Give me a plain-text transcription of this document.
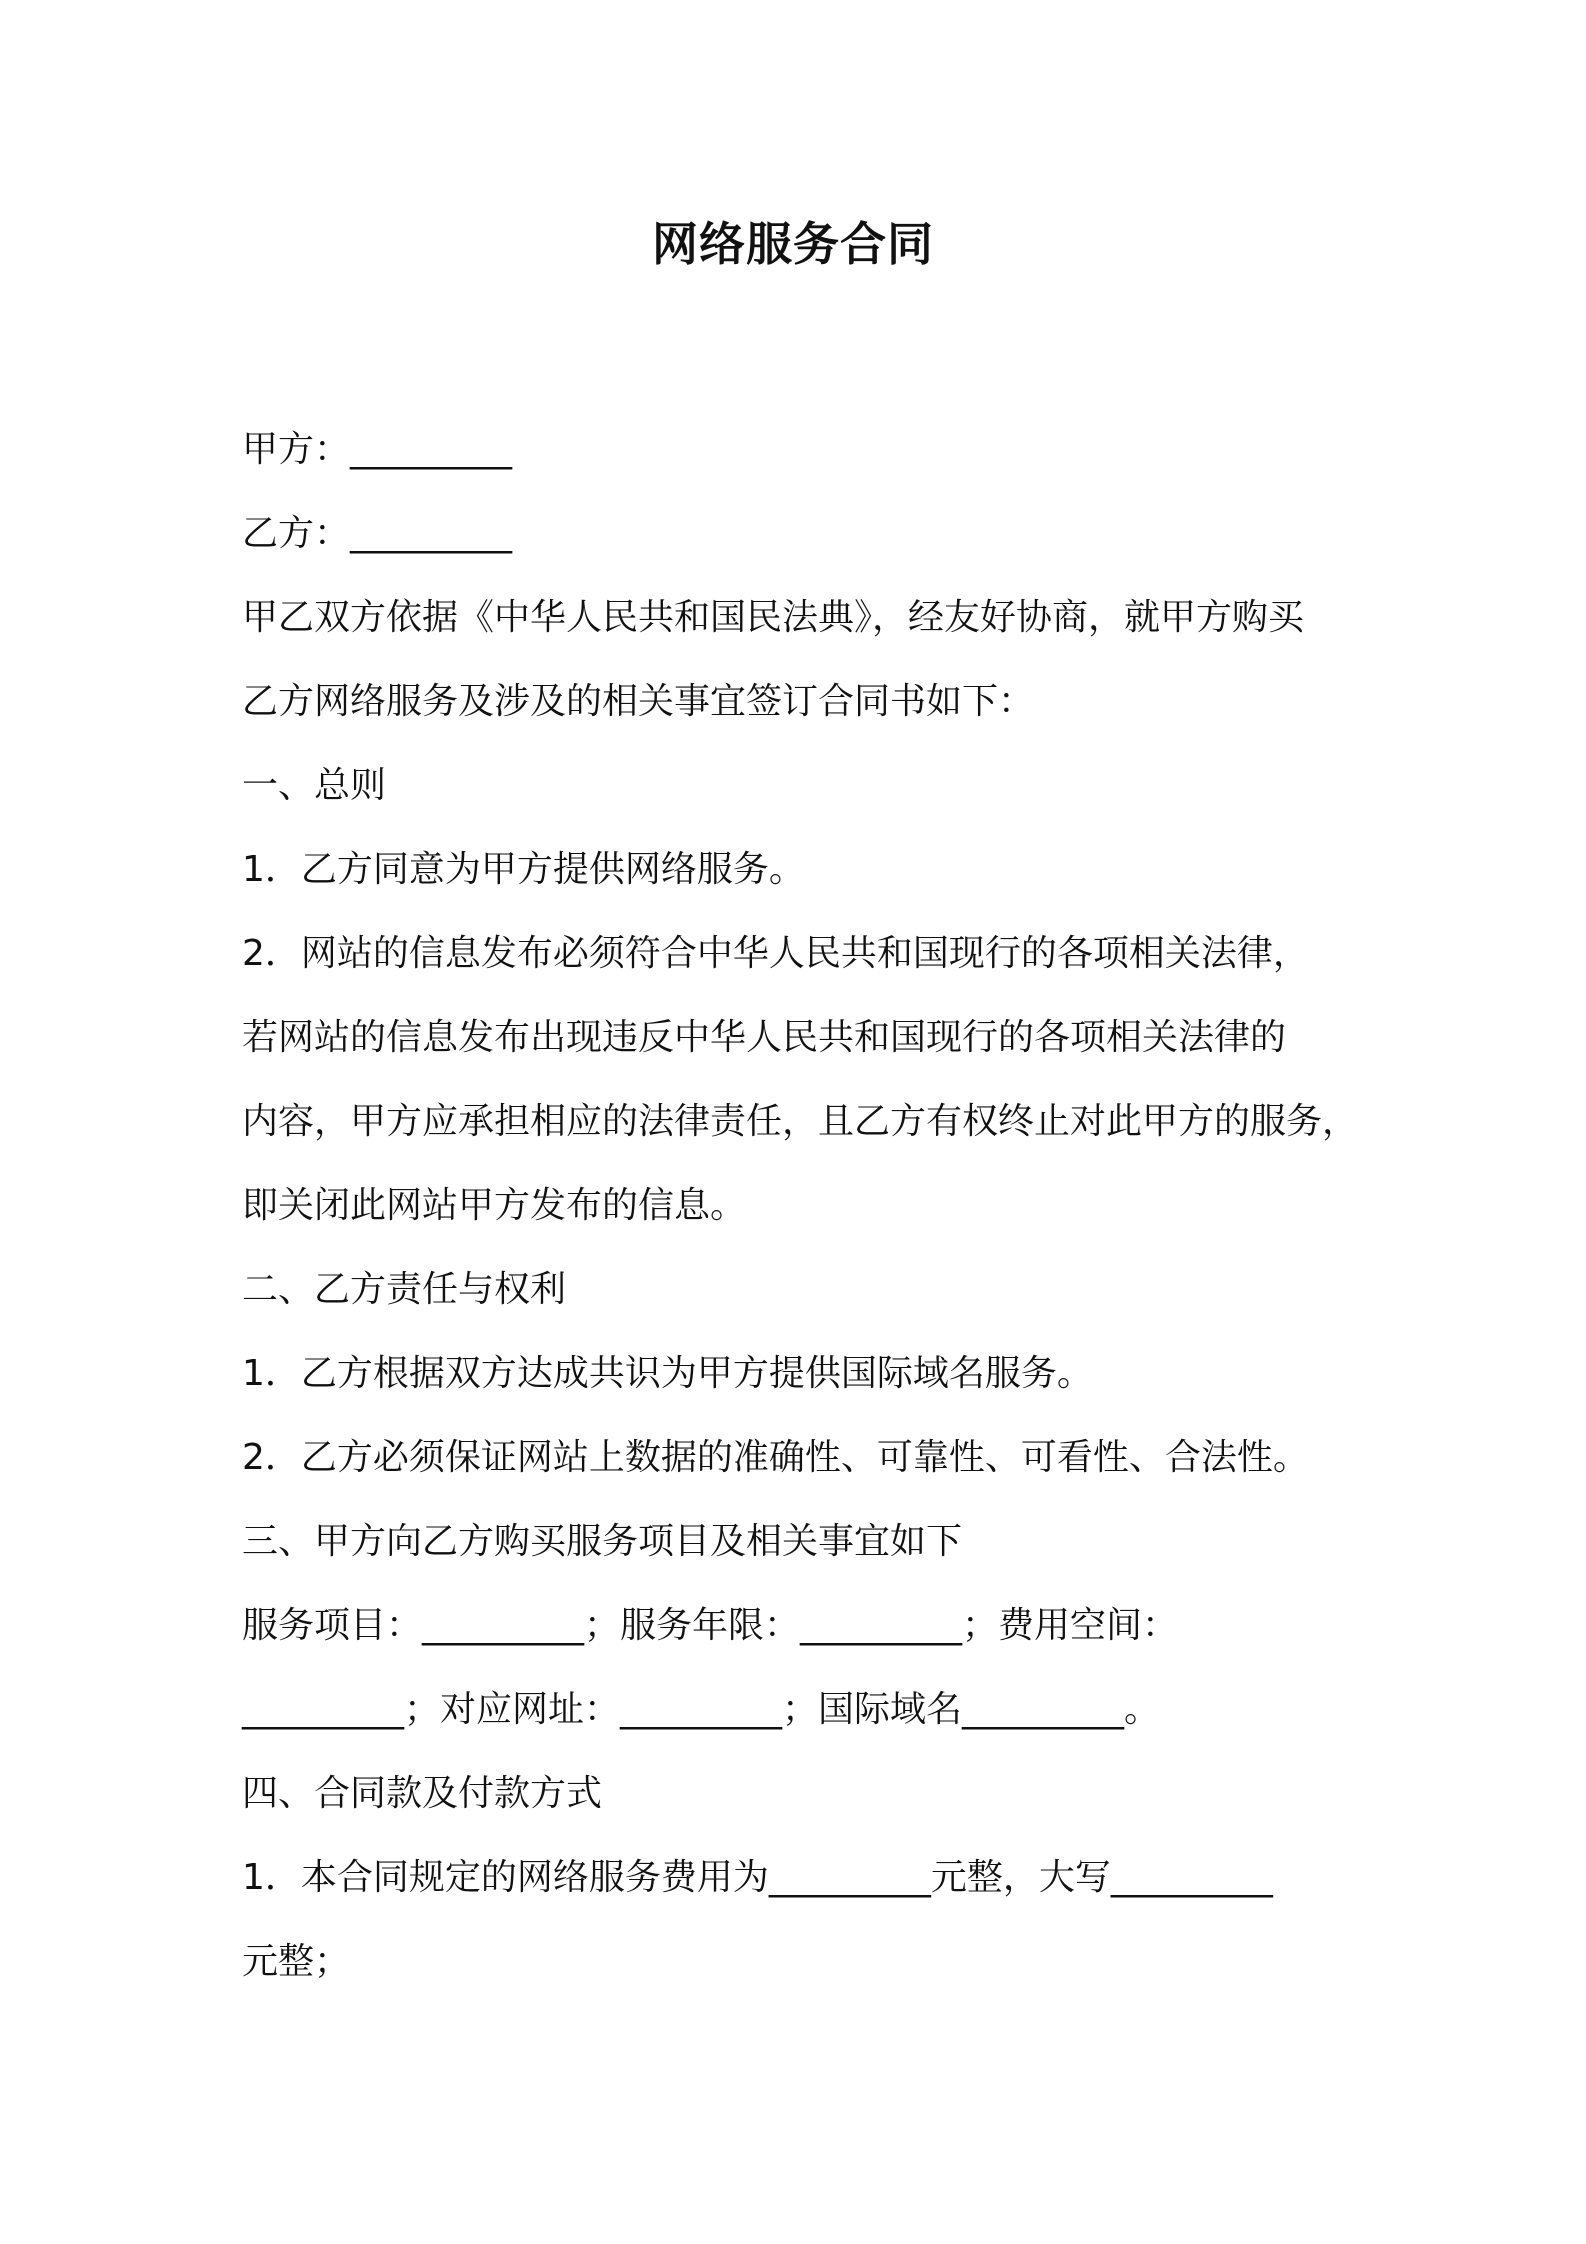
网络服务合同
甲方：_________
乙方：_________
甲乙双方依据《中华人民共和国民法典》，经友好协商，就甲方购买
乙方网络服务及涉及的相关事宜签订合同书如下：
一、总则
1．乙方同意为甲方提供网络服务。
2．网站的信息发布必须符合中华人民共和国现行的各项相关法律，
若网站的信息发布出现违反中华人民共和国现行的各项相关法律的
内容，甲方应承担相应的法律责任，且乙方有权终止对此甲方的服务，
即关闭此网站甲方发布的信息。
二、乙方责任与权利
1．乙方根据双方达成共识为甲方提供国际域名服务。
2．乙方必须保证网站上数据的准确性、可靠性、可看性、合法性。
三、甲方向乙方购买服务项目及相关事宜如下
服务项目：_________；服务年限：_________；费用空间：
_________；对应网址：_________；国际域名_________。
四、合同款及付款方式
1．本合同规定的网络服务费用为_________元整，大写_________
元整；
